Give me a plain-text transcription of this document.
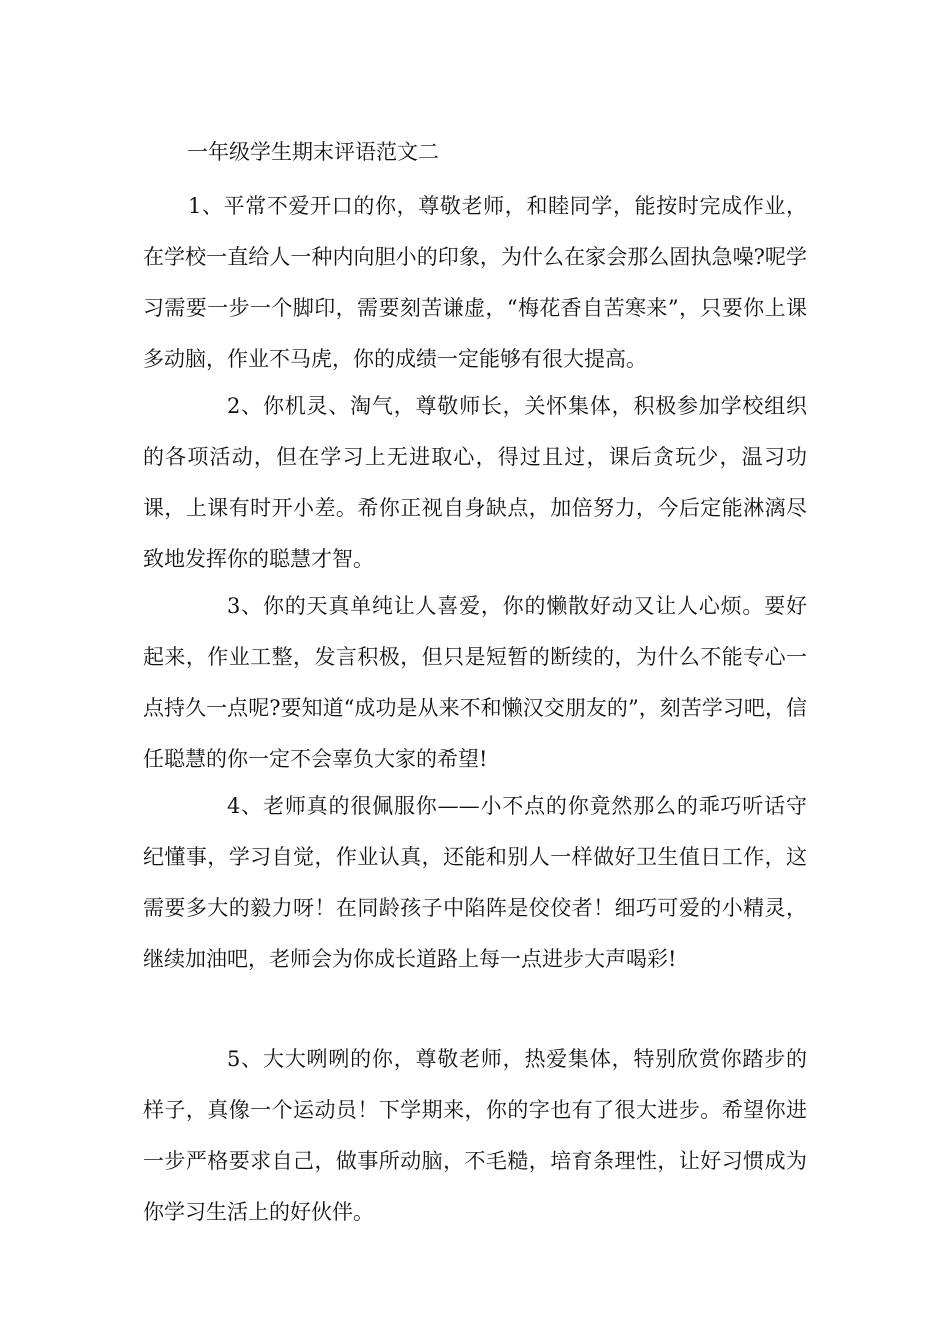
一年级学生期末评语范文二

1、平常不爱开口的你，尊敬老师，和睦同学，能按时完成作业，在学校一直给人一种内向胆小的印象，为什么在家会那么固执急噪?呢学习需要一步一个脚印，需要刻苦谦虚，“梅花香自苦寒来”，只要你上课多动脑，作业不马虎，你的成绩一定能够有很大提高。

2、你机灵、淘气，尊敬师长，关怀集体，积极参加学校组织的各项活动，但在学习上无进取心，得过且过，课后贪玩少，温习功课，上课有时开小差。希你正视自身缺点，加倍努力，今后定能淋漓尽致地发挥你的聪慧才智。

3、你的天真单纯让人喜爱，你的懒散好动又让人心烦。要好起来，作业工整，发言积极，但只是短暂的断续的，为什么不能专心一点持久一点呢?要知道“成功是从来不和懒汉交朋友的”，刻苦学习吧，信任聪慧的你一定不会辜负大家的希望!

4、老师真的很佩服你——小不点的你竟然那么的乖巧听话守纪懂事，学习自觉，作业认真，还能和别人一样做好卫生值日工作，这需要多大的毅力呀！在同龄孩子中陷阵是佼佼者！细巧可爱的小精灵，继续加油吧，老师会为你成长道路上每一点进步大声喝彩!

5、大大咧咧的你，尊敬老师，热爱集体，特别欣赏你踏步的样子，真像一个运动员！下学期来，你的字也有了很大进步。希望你进一步严格要求自己，做事所动脑，不毛糙，培育条理性，让好习惯成为你学习生活上的好伙伴。
